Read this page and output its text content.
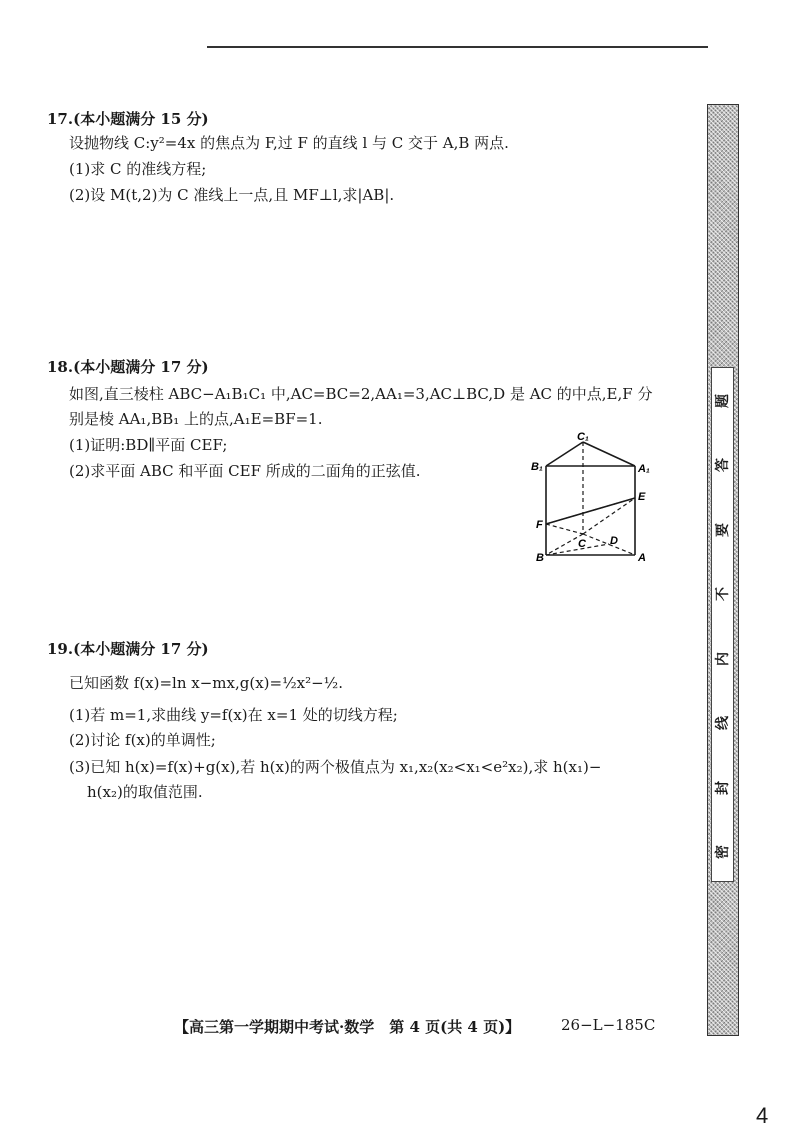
17.(本小题满分 15 分)
设抛物线 C:y²=4x 的焦点为 F,过 F 的直线 l 与 C 交于 A,B 两点.
(1)求 C 的准线方程;
(2)设 M(t,2)为 C 准线上一点,且 MF⊥l,求|AB|.
18.(本小题满分 17 分)
如图,直三棱柱 ABC−A₁B₁C₁ 中,AC=BC=2,AA₁=3,AC⊥BC,D 是 AC 的中点,E,F 分
别是棱 AA₁,BB₁ 上的点,A₁E=BF=1.
(1)证明:BD∥平面 CEF;
(2)求平面 ABC 和平面 CEF 所成的二面角的正弦值.
C₁
B₁	A₁
E
F
C D
B	A
19.(本小题满分 17 分)
已知函数 f(x)=ln x−mx,g(x)=½x²−½.
(1)若 m=1,求曲线 y=f(x)在 x=1 处的切线方程;
(2)讨论 f(x)的单调性;
(3)已知 h(x)=f(x)+g(x),若 h(x)的两个极值点为 x₁,x₂(x₂<x₁<e²x₂),求 h(x₁)−
h(x₂)的取值范围.
题
答
要
不
内
线
封
密
【高三第一学期期中考试·数学　第 4 页(共 4 页)】	26−L−185C
4
